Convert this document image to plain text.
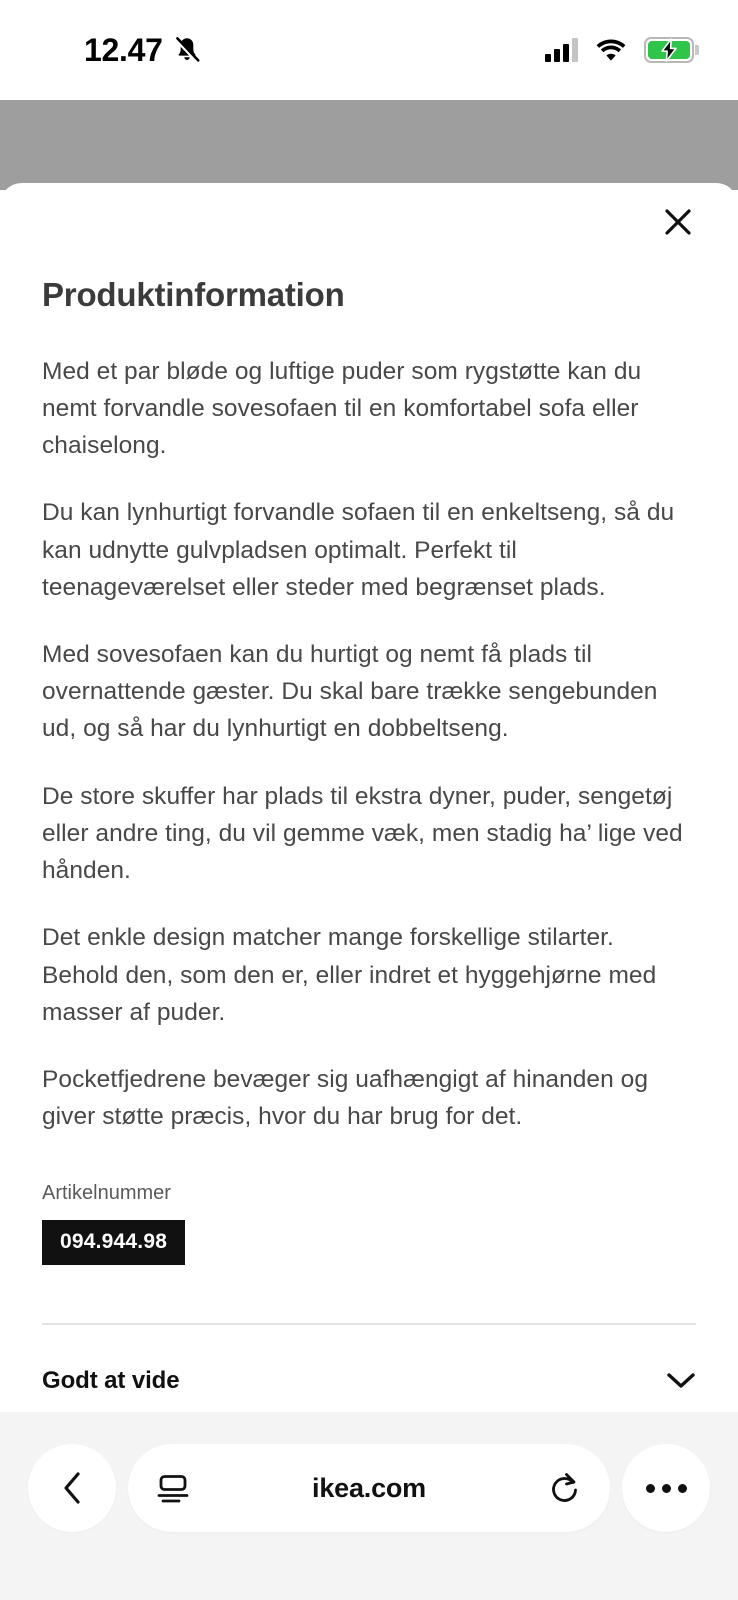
12.47
Produktinformation

Med et par bløde og luftige puder som rygstøtte kan du nemt forvandle sovesofaen til en komfortabel sofa eller chaiselong.

Du kan lynhurtigt forvandle sofaen til en enkeltseng, så du kan udnytte gulvpladsen optimalt. Perfekt til teenageværelset eller steder med begrænset plads.

Med sovesofaen kan du hurtigt og nemt få plads til overnattende gæster. Du skal bare trække sengebunden ud, og så har du lynhurtigt en dobbeltseng.

De store skuffer har plads til ekstra dyner, puder, sengetøj eller andre ting, du vil gemme væk, men stadig ha’ lige ved hånden.

Det enkle design matcher mange forskellige stilarter. Behold den, som den er, eller indret et hyggehjørne med masser af puder.

Pocketfjedrene bevæger sig uafhængigt af hinanden og giver støtte præcis, hvor du har brug for det.

Artikelnummer
094.944.98
Godt at vide
ikea.com
